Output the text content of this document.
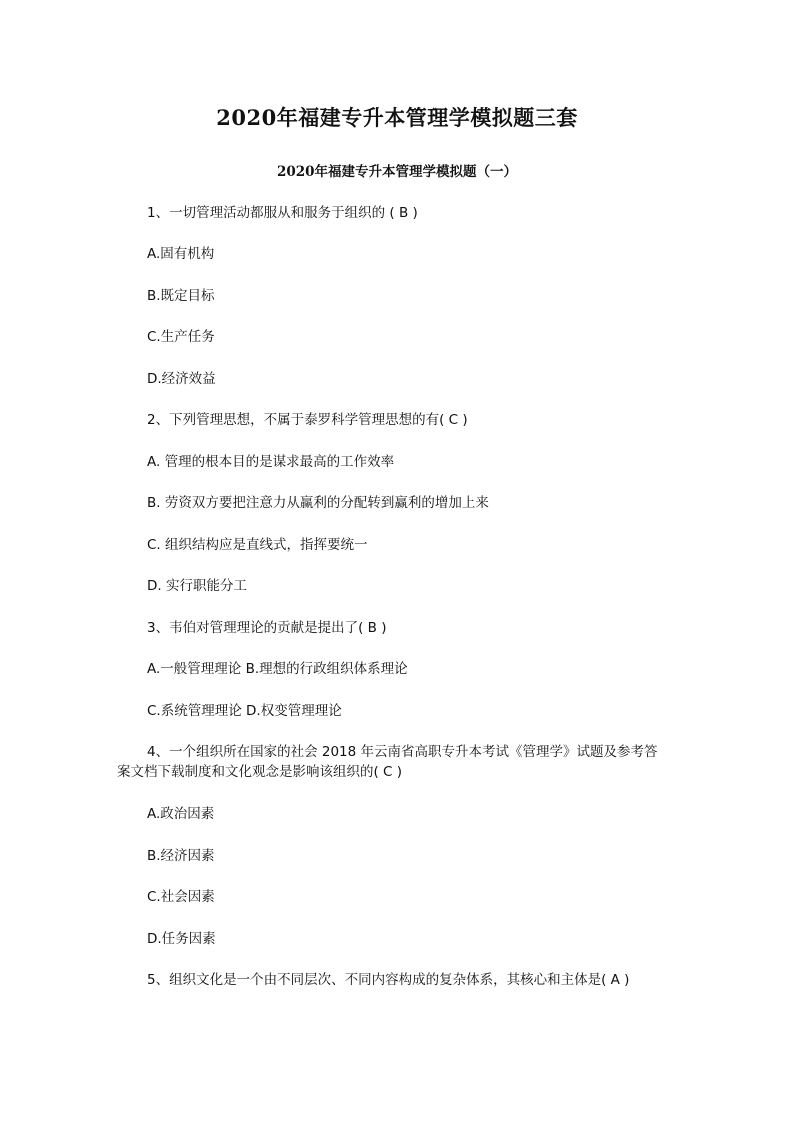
2020年福建专升本管理学模拟题三套
2020年福建专升本管理学模拟题（一）
1、一切管理活动都服从和服务于组织的 ( B )
A.固有机构
B.既定目标
C.生产任务
D.经济效益
2、下列管理思想，不属于泰罗科学管理思想的有( C )
A. 管理的根本目的是谋求最高的工作效率
B. 劳资双方要把注意力从赢利的分配转到赢利的增加上来
C. 组织结构应是直线式，指挥要统一
D. 实行职能分工
3、韦伯对管理理论的贡献是提出了( B )
A.一般管理理论 B.理想的行政组织体系理论
C.系统管理理论 D.权变管理理论
4、一个组织所在国家的社会 2018 年云南省高职专升本考试《管理学》试题及参考答
案文档下载制度和文化观念是影响该组织的( C )
A.政治因素
B.经济因素
C.社会因素
D.任务因素
5、组织文化是一个由不同层次、不同内容构成的复杂体系，其核心和主体是( A )
